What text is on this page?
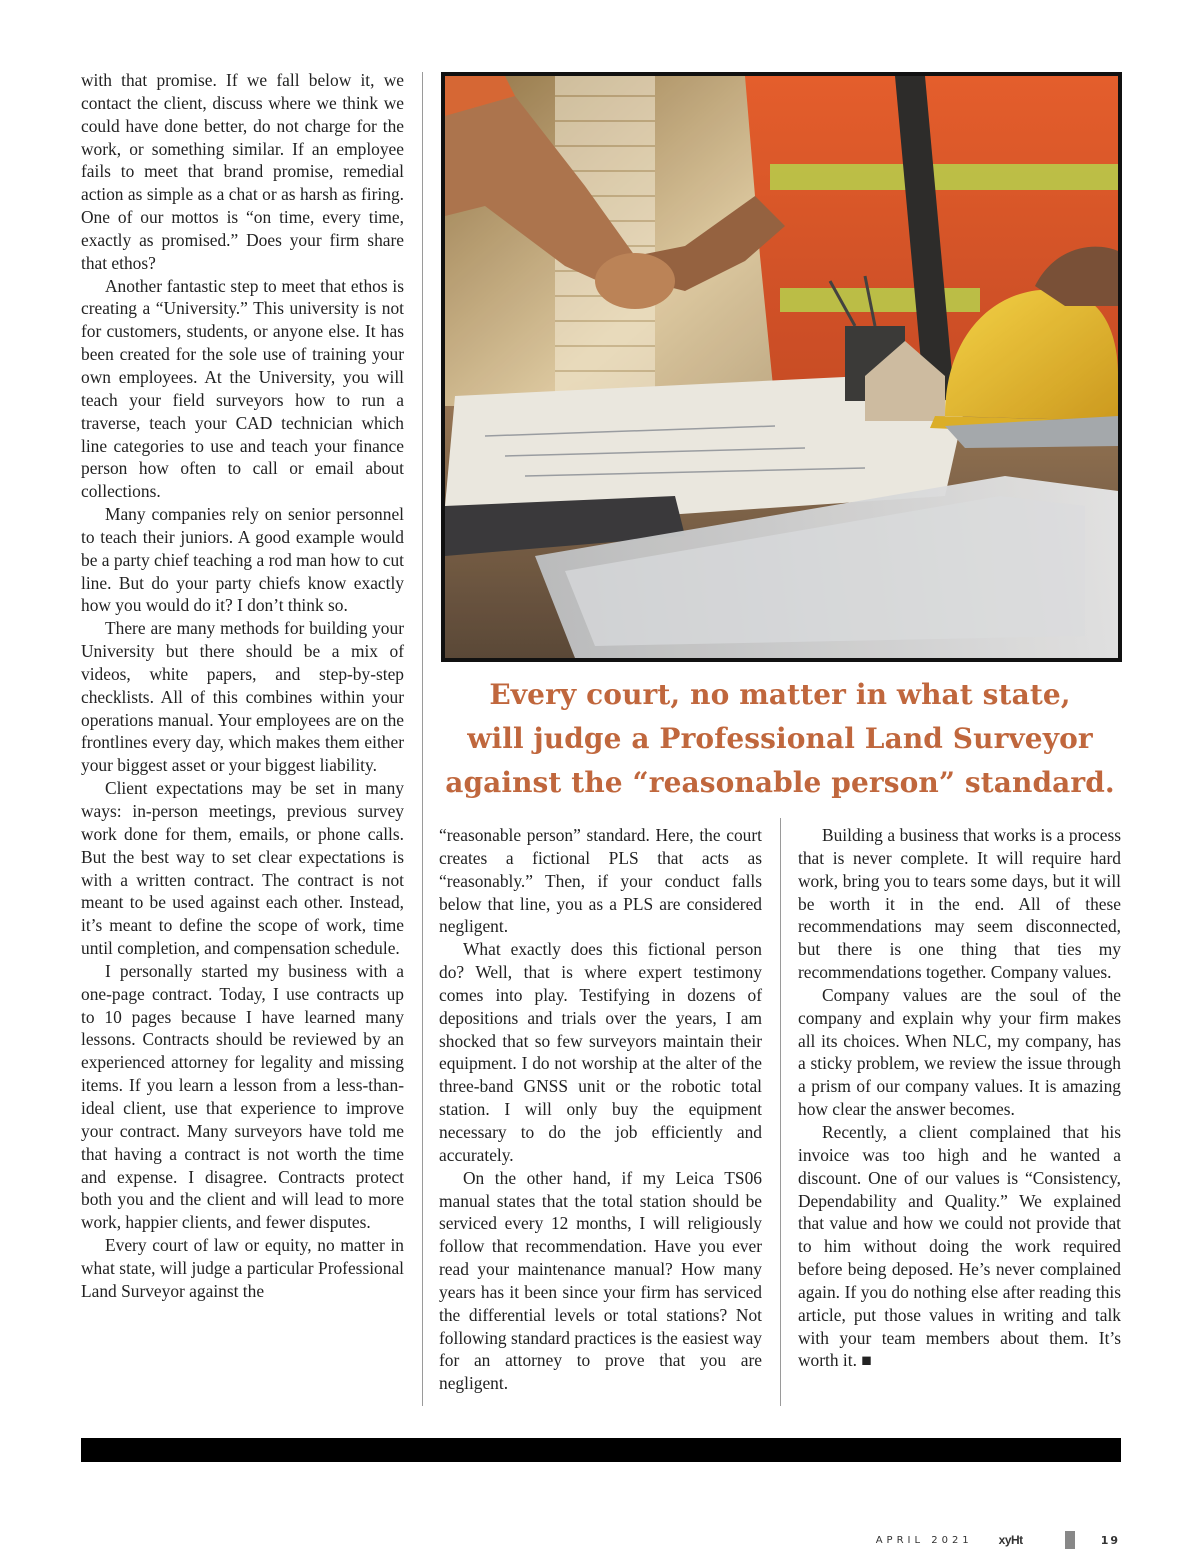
with that promise. If we fall below it, we contact the client, discuss where we think we could have done better, do not charge for the work, or something similar. If an employee fails to meet that brand promise, remedial action as simple as a chat or as harsh as firing. One of our mottos is “on time, every time, exactly as promised.” Does your firm share that ethos?

Another fantastic step to meet that ethos is creating a “University.” This university is not for customers, students, or anyone else. It has been created for the sole use of training your own employees. At the University, you will teach your field surveyors how to run a traverse, teach your CAD technician which line categories to use and teach your finance person how often to call or email about collections.

Many companies rely on senior personnel to teach their juniors. A good example would be a party chief teaching a rod man how to cut line. But do your party chiefs know exactly how you would do it? I don’t think so.

There are many methods for building your University but there should be a mix of videos, white papers, and step-by-step checklists. All of this combines within your operations manual. Your employees are on the frontlines every day, which makes them either your biggest asset or your biggest liability.

Client expectations may be set in many ways: in-person meetings, previous survey work done for them, emails, or phone calls. But the best way to set clear expectations is with a written contract. The contract is not meant to be used against each other. Instead, it’s meant to define the scope of work, time until completion, and compensation schedule.

I personally started my business with a one-page contract. Today, I use contracts up to 10 pages because I have learned many lessons. Contracts should be reviewed by an experienced attorney for legality and missing items. If you learn a lesson from a less-than-ideal client, use that experience to improve your contract. Many surveyors have told me that having a contract is not worth the time and expense. I disagree. Contracts protect both you and the client and will lead to more work, happier clients, and fewer disputes.

Every court of law or equity, no matter in what state, will judge a particular Professional Land Surveyor against the

Every court, no matter in what state,
will judge a Professional Land Surveyor
against the “reasonable person” standard.

“reasonable person” standard. Here, the court creates a fictional PLS that acts as “reasonably.” Then, if your conduct falls below that line, you as a PLS are considered negligent.

What exactly does this fictional person do? Well, that is where expert testimony comes into play. Testifying in dozens of depositions and trials over the years, I am shocked that so few surveyors maintain their equipment. I do not worship at the alter of the three-band GNSS unit or the robotic total station. I will only buy the equipment necessary to do the job efficiently and accurately.

On the other hand, if my Leica TS06 manual states that the total station should be serviced every 12 months, I will religiously follow that recommendation. Have you ever read your maintenance manual? How many years has it been since your firm has serviced the differential levels or total stations? Not following standard practices is the easiest way for an attorney to prove that you are negligent.

Building a business that works is a process that is never complete. It will require hard work, bring you to tears some days, but it will be worth it in the end. All of these recommendations may seem disconnected, but there is one thing that ties my recommendations together. Company values.

Company values are the soul of the company and explain why your firm makes all its choices. When NLC, my company, has a sticky problem, we review the issue through a prism of our company values. It is amazing how clear the answer becomes.

Recently, a client complained that his invoice was too high and he wanted a discount. One of our values is “Consistency, Dependability and Quality.” We explained that value and how we could not provide that to him without doing the work required before being deposed. He’s never complained again. If you do nothing else after reading this article, put those values in writing and talk with your team members about them. It’s worth it. ■

APRIL 2021 xyHt	19
